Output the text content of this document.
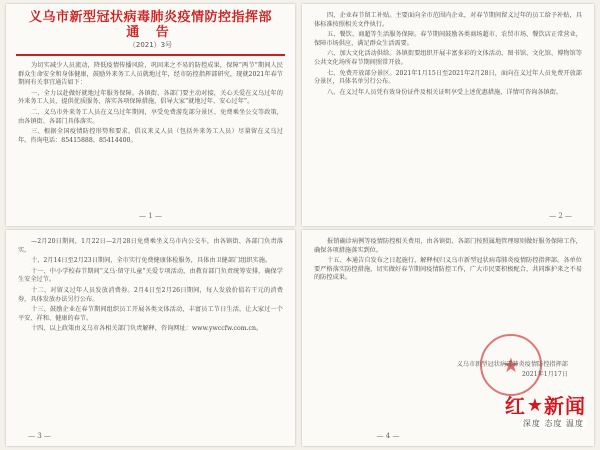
义乌市新型冠状病毒肺炎疫情防控指挥部
通 告
（2021）3号

为切实减少人员流动，降低疫情传播风险，巩固来之不易的防控成果，保障“两节”期间人民群众生命安全和身体健康，鼓励外来务工人员就地过年，经市防控指挥部研究，现就2021年春节期间有关事宜通告如下：

一、全力以赴做好就地过年服务保障。各镇街、各部门要主动对接，关心关爱在义乌过年的外来务工人员，提供优质服务，落实各项保障措施，倡导大家“就地过年、安心过年”。

二、义乌市外来务工人员在义乌过年期间，享受免费游览部分景区、免费乘坐公交等政策，由各镇街、各部门具体落实。

三、根据全国疫情防控形势和要求，倡议来义人员（包括外来务工人员）尽量留在义乌过年。咨询电话：85415888、85414400。

— 1 —

四、企业春节留工补贴。主要面向全市范围内企业，对春节期间留义过年的员工给予补贴，具体标准按照相关文件执行。

五、餐饮、商超等生活服务保障。春节期间鼓励各类商场超市、农贸市场、餐饮店正常营业，保障市场供应，满足群众生活需要。

六、加大文化活动供给。各镇街要组织开展丰富多彩的文体活动，图书馆、文化馆、博物馆等公共文化场所春节期间照常开放。

七、免费开放部分景区。2021年1月15日至2021年2月28日，面向在义过年人员免费开放部分景区，具体名单另行公布。

八、在义过年人员凭有效身份证件及相关证明享受上述优惠措施，详情可咨询各镇街。

— 2 —

—2月20日期间，1月22日—2月28日免费乘坐义乌市内公交车，由各镇街、各部门负责落实。

十、2月14日至2月23日期间，全市实行免费健康体检服务，具体由卫健部门组织实施。

十一、中小学校春节期间“义乌·留守儿童”关爱专项活动，由教育部门负责统筹安排，确保学生安全过节。

十二、对留义过年人员发放消费券。2月4日至2月26日期间，每人发放价值若干元的消费券，具体发放办法另行公布。

十三、鼓励企业在春节期间组织员工开展各类文体活动，丰富员工节日生活，让大家过一个平安、祥和、健康的春节。

十四、以上政策由义乌市各相关部门负责解释，咨询网址：www.ywccfw.com.cn。

— 3 —

报销确诊病例等疫情防控相关费用，由各镇街、各部门按照属地管理原则做好服务保障工作，确保各项措施落实到位。

十五、本通告自发布之日起施行，解释权归义乌市新型冠状病毒肺炎疫情防控指挥部。各单位要严格落实防控措施，切实做好春节期间疫情防控工作，广大市民要积极配合，共同维护来之不易的防控成果。

★
义乌市新型冠状病毒肺炎疫情防控指挥部
2021年1月17日
红 ★ 新闻
深度 态度 温度
— 4 —
